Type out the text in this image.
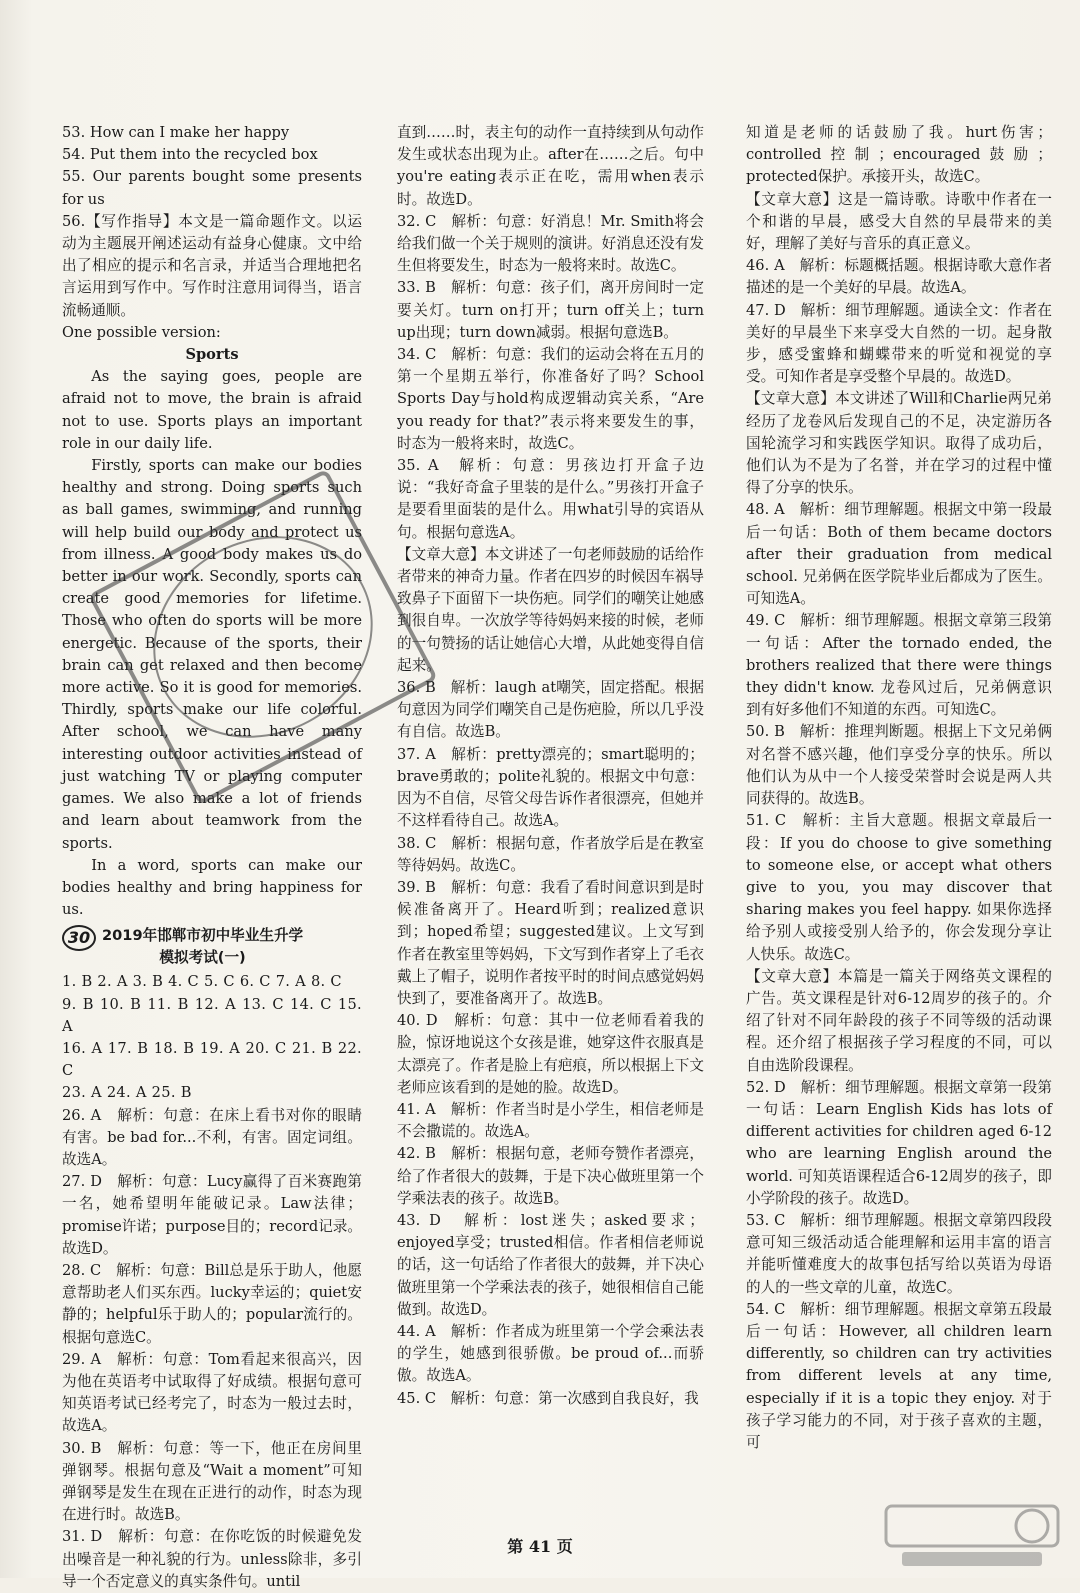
53. How can I make her happy
54. Put them into the recycled box
55. Our parents bought some presents for us
56.【写作指导】本文是一篇命题作文。以运动为主题展开阐述运动有益身心健康。文中给出了相应的提示和名言录，并适当合理地把名言运用到写作中。写作时注意用词得当，语言流畅通顺。
One possible version:
Sports
As the saying goes, people are afraid not to move, the brain is afraid not to use. Sports plays an important role in our daily life.
Firstly, sports can make our bodies healthy and strong. Doing sports such as ball games, swimming, and running will help build our body and protect us from illness. A good body makes us do better in our work. Secondly, sports can create good memories for lifetime. Those who often do sports will be more energetic. Because of the sports, their brain can get relaxed and then become more active. So it is good for memories. Thirdly, sports make our life colorful. After school, we can have many interesting outdoor activities instead of just watching TV or playing computer games. We also make a lot of friends and learn about teamwork from the sports.
In a word, sports can make our bodies healthy and bring happiness for us.
30 2019年邯郸市初中毕业生升学
模拟考试(一)
1. B 2. A 3. B 4. C 5. C 6. C 7. A 8. C
9. B 10. B 11. B 12. A 13. C 14. C 15. A
16. A 17. B 18. B 19. A 20. C 21. B 22. C
23. A 24. A 25. B
26. A　解析：句意：在床上看书对你的眼睛有害。be bad for...不利，有害。固定词组。故选A。
27. D　解析：句意：Lucy赢得了百米赛跑第一名，她希望明年能破记录。Law法律；promise许诺；purpose目的；record记录。故选D。
28. C　解析：句意：Bill总是乐于助人，他愿意帮助老人们买东西。lucky幸运的；quiet安静的；helpful乐于助人的；popular流行的。根据句意选C。
29. A　解析：句意：Tom看起来很高兴，因为他在英语考中试取得了好成绩。根据句意可知英语考试已经考完了，时态为一般过去时，故选A。
30. B　解析：句意：等一下，他正在房间里弹钢琴。根据句意及“Wait a moment”可知弹钢琴是发生在现在正进行的动作，时态为现在进行时。故选B。
31. D　解析：句意：在你吃饭的时候避免发出噪音是一种礼貌的行为。unless除非，多引导一个否定意义的真实条件句。until
直到……时，表主句的动作一直持续到从句动作发生或状态出现为止。after在……之后。句中you're eating表示正在吃，需用when表示时。故选D。
32. C　解析：句意：好消息！Mr. Smith将会给我们做一个关于规则的演讲。好消息还没有发生但将要发生，时态为一般将来时。故选C。
33. B　解析：句意：孩子们，离开房间时一定要关灯。turn on打开；turn off关上；turn up出现；turn down减弱。根据句意选B。
34. C　解析：句意：我们的运动会将在五月的第一个星期五举行，你准备好了吗？School Sports Day与hold构成逻辑动宾关系，“Are you ready for that?”表示将来要发生的事，时态为一般将来时，故选C。
35. A　解析：句意：男孩边打开盒子边说：“我好奇盒子里装的是什么。”男孩打开盒子是要看里面装的是什么。用what引导的宾语从句。根据句意选A。
【文章大意】本文讲述了一句老师鼓励的话给作者带来的神奇力量。作者在四岁的时候因车祸导致鼻子下面留下一块伤疤。同学们的嘲笑让她感到很自卑。一次放学等待妈妈来接的时候，老师的一句赞扬的话让她信心大增，从此她变得自信起来。
36. B　解析：laugh at嘲笑，固定搭配。根据句意因为同学们嘲笑自己是伤疤脸，所以几乎没有自信。故选B。
37. A　解析：pretty漂亮的；smart聪明的；brave勇敢的；polite礼貌的。根据文中句意：因为不自信，尽管父母告诉作者很漂亮，但她并不这样看待自己。故选A。
38. C　解析：根据句意，作者放学后是在教室等待妈妈。故选C。
39. B　解析：句意：我看了看时间意识到是时候准备离开了。Heard听到；realized意识到；hoped希望；suggested建议。上文写到作者在教室里等妈妈，下文写到作者穿上了毛衣戴上了帽子，说明作者按平时的时间点感觉妈妈快到了，要准备离开了。故选B。
40. D　解析：句意：其中一位老师看着我的脸，惊讶地说这个女孩是谁，她穿这件衣服真是太漂亮了。作者是脸上有疤痕，所以根据上下文老师应该看到的是她的脸。故选D。
41. A　解析：作者当时是小学生，相信老师是不会撒谎的。故选A。
42. B　解析：根据句意，老师夸赞作者漂亮，给了作者很大的鼓舞，于是下决心做班里第一个学乘法表的孩子。故选B。
43. D　解析：lost迷失；asked要求；enjoyed享受；trusted相信。作者相信老师说的话，这一句话给了作者很大的鼓舞，并下决心做班里第一个学乘法表的孩子，她很相信自己能做到。故选D。
44. A　解析：作者成为班里第一个学会乘法表的学生，她感到很骄傲。be proud of...而骄傲。故选A。
45. C　解析：句意：第一次感到自我良好，我
知道是老师的话鼓励了我。hurt伤害；controlled控制；encouraged鼓励；protected保护。承接开头，故选C。
【文章大意】这是一篇诗歌。诗歌中作者在一个和谐的早晨，感受大自然的早晨带来的美好，理解了美好与音乐的真正意义。
46. A　解析：标题概括题。根据诗歌大意作者描述的是一个美好的早晨。故选A。
47. D　解析：细节理解题。通读全文：作者在美好的早晨坐下来享受大自然的一切。起身散步，感受蜜蜂和蝴蝶带来的听觉和视觉的享受。可知作者是享受整个早晨的。故选D。
【文章大意】本文讲述了Will和Charlie两兄弟经历了龙卷风后发现自己的不足，决定游历各国轮流学习和实践医学知识。取得了成功后，他们认为不是为了名誉，并在学习的过程中懂得了分享的快乐。
48. A　解析：细节理解题。根据文中第一段最后一句话：Both of them became doctors after their graduation from medical school. 兄弟俩在医学院毕业后都成为了医生。可知选A。
49. C　解析：细节理解题。根据文章第三段第一句话：After the tornado ended, the brothers realized that there were things they didn't know. 龙卷风过后，兄弟俩意识到有好多他们不知道的东西。可知选C。
50. B　解析：推理判断题。根据上下文兄弟俩对名誉不感兴趣，他们享受分享的快乐。所以他们认为从中一个人接受荣誉时会说是两人共同获得的。故选B。
51. C　解析：主旨大意题。根据文章最后一段：If you do choose to give something to someone else, or accept what others give to you, you may discover that sharing makes you feel happy. 如果你选择给予别人或接受别人给予的，你会发现分享让人快乐。故选C。
【文章大意】本篇是一篇关于网络英文课程的广告。英文课程是针对6-12周岁的孩子的。介绍了针对不同年龄段的孩子不同等级的活动课程。还介绍了根据孩子学习程度的不同，可以自由选阶段课程。
52. D　解析：细节理解题。根据文章第一段第一句话：Learn English Kids has lots of different activities for children aged 6-12 who are learning English around the world. 可知英语课程适合6-12周岁的孩子，即小学阶段的孩子。故选D。
53. C　解析：细节理解题。根据文章第四段段意可知三级活动适合能理解和运用丰富的语言并能听懂难度大的故事包括写给以英语为母语的人的一些文章的儿童，故选C。
54. C　解析：细节理解题。根据文章第五段最后一句话：However, all children learn differently, so children can try activities from different levels at any time, especially if it is a topic they enjoy. 对于孩子学习能力的不同，对于孩子喜欢的主题，可
第 41 页
